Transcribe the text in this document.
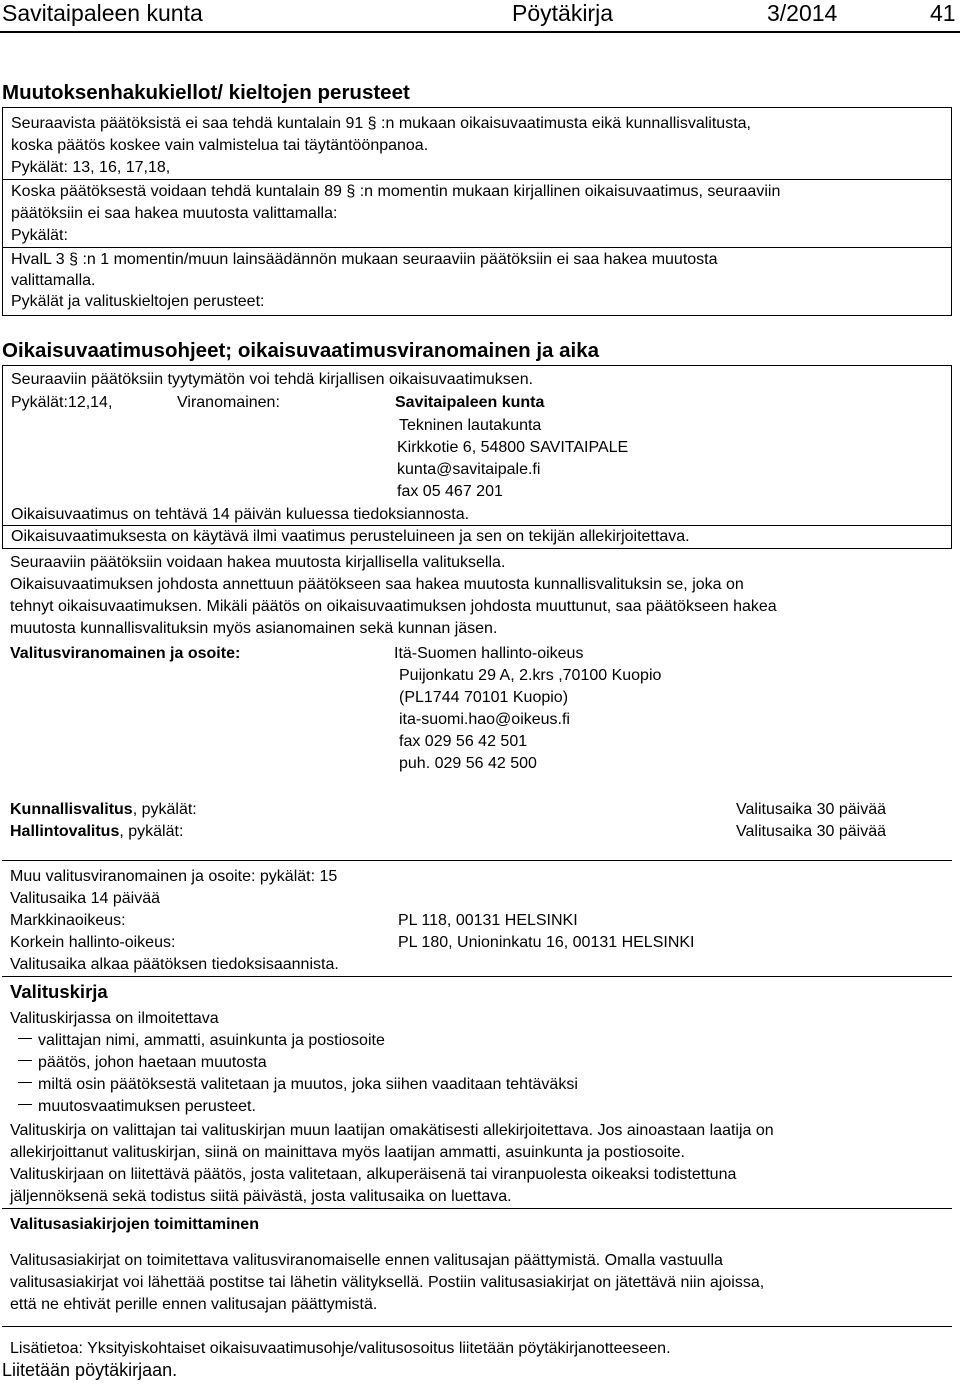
Savitaipaleen kunta	Pöytäkirja	3/2014	41
Muutoksenhakukiellot/ kieltojen perusteet
Seuraavista päätöksistä ei saa tehdä kuntalain 91 § :n mukaan oikaisuvaatimusta eikä kunnallisvalitusta,
koska päätös koskee vain valmistelua tai täytäntöönpanoa.
Pykälät: 13, 16, 17,18,
Koska päätöksestä voidaan tehdä kuntalain 89 § :n momentin mukaan kirjallinen oikaisuvaatimus, seuraaviin
päätöksiin ei saa hakea muutosta valittamalla:
Pykälät:
HvalL 3 § :n 1 momentin/muun lainsäädännön mukaan seuraaviin päätöksiin ei saa hakea muutosta
valittamalla.
Pykälät ja valituskieltojen perusteet:
Oikaisuvaatimusohjeet; oikaisuvaatimusviranomainen ja aika
Seuraaviin päätöksiin tyytymätön voi tehdä kirjallisen oikaisuvaatimuksen.
Pykälät:12,14,	Viranomainen:	Savitaipaleen kunta
Tekninen lautakunta
Kirkkotie 6, 54800 SAVITAIPALE
kunta@savitaipale.fi
fax 05 467 201
Oikaisuvaatimus on tehtävä 14 päivän kuluessa tiedoksiannosta.
Oikaisuvaatimuksesta on käytävä ilmi vaatimus perusteluineen ja sen on tekijän allekirjoitettava.
Seuraaviin päätöksiin voidaan hakea muutosta kirjallisella valituksella.
Oikaisuvaatimuksen johdosta annettuun päätökseen saa hakea muutosta kunnallisvalituksin se, joka on
tehnyt oikaisuvaatimuksen. Mikäli päätös on oikaisuvaatimuksen johdosta muuttunut, saa päätökseen hakea
muutosta kunnallisvalituksin myös asianomainen sekä kunnan jäsen.
Valitusviranomainen ja osoite:	Itä-Suomen hallinto-oikeus
Puijonkatu 29 A, 2.krs ,70100 Kuopio
(PL1744 70101 Kuopio)
ita-suomi.hao@oikeus.fi
fax 029 56 42 501
puh. 029 56 42 500
Kunnallisvalitus, pykälät:	Valitusaika 30 päivää
Hallintovalitus, pykälät:	Valitusaika 30 päivää
Muu valitusviranomainen ja osoite: pykälät: 15
Valitusaika 14 päivää
Markkinaoikeus:	PL 118, 00131 HELSINKI
Korkein hallinto-oikeus:	PL 180, Unioninkatu 16, 00131 HELSINKI
Valitusaika alkaa päätöksen tiedoksisaannista.
Valituskirja
Valituskirjassa on ilmoitettava
valittajan nimi, ammatti, asuinkunta ja postiosoite
päätös, johon haetaan muutosta
miltä osin päätöksestä valitetaan ja muutos, joka siihen vaaditaan tehtäväksi
muutosvaatimuksen perusteet.
Valituskirja on valittajan tai valituskirjan muun laatijan omakätisesti allekirjoitettava. Jos ainoastaan laatija on
allekirjoittanut valituskirjan, siinä on mainittava myös laatijan ammatti, asuinkunta ja postiosoite.
Valituskirjaan on liitettävä päätös, josta valitetaan, alkuperäisenä tai viranpuolesta oikeaksi todistettuna
jäljennöksenä sekä todistus siitä päivästä, josta valitusaika on luettava.
Valitusasiakirjojen toimittaminen
Valitusasiakirjat on toimitettava valitusviranomaiselle ennen valitusajan päättymistä. Omalla vastuulla
valitusasiakirjat voi lähettää postitse tai lähetin välityksellä. Postiin valitusasiakirjat on jätettävä niin ajoissa,
että ne ehtivät perille ennen valitusajan päättymistä.
Lisätietoa: Yksityiskohtaiset oikaisuvaatimusohje/valitusosoitus liitetään pöytäkirjanotteeseen.
Liitetään pöytäkirjaan.
